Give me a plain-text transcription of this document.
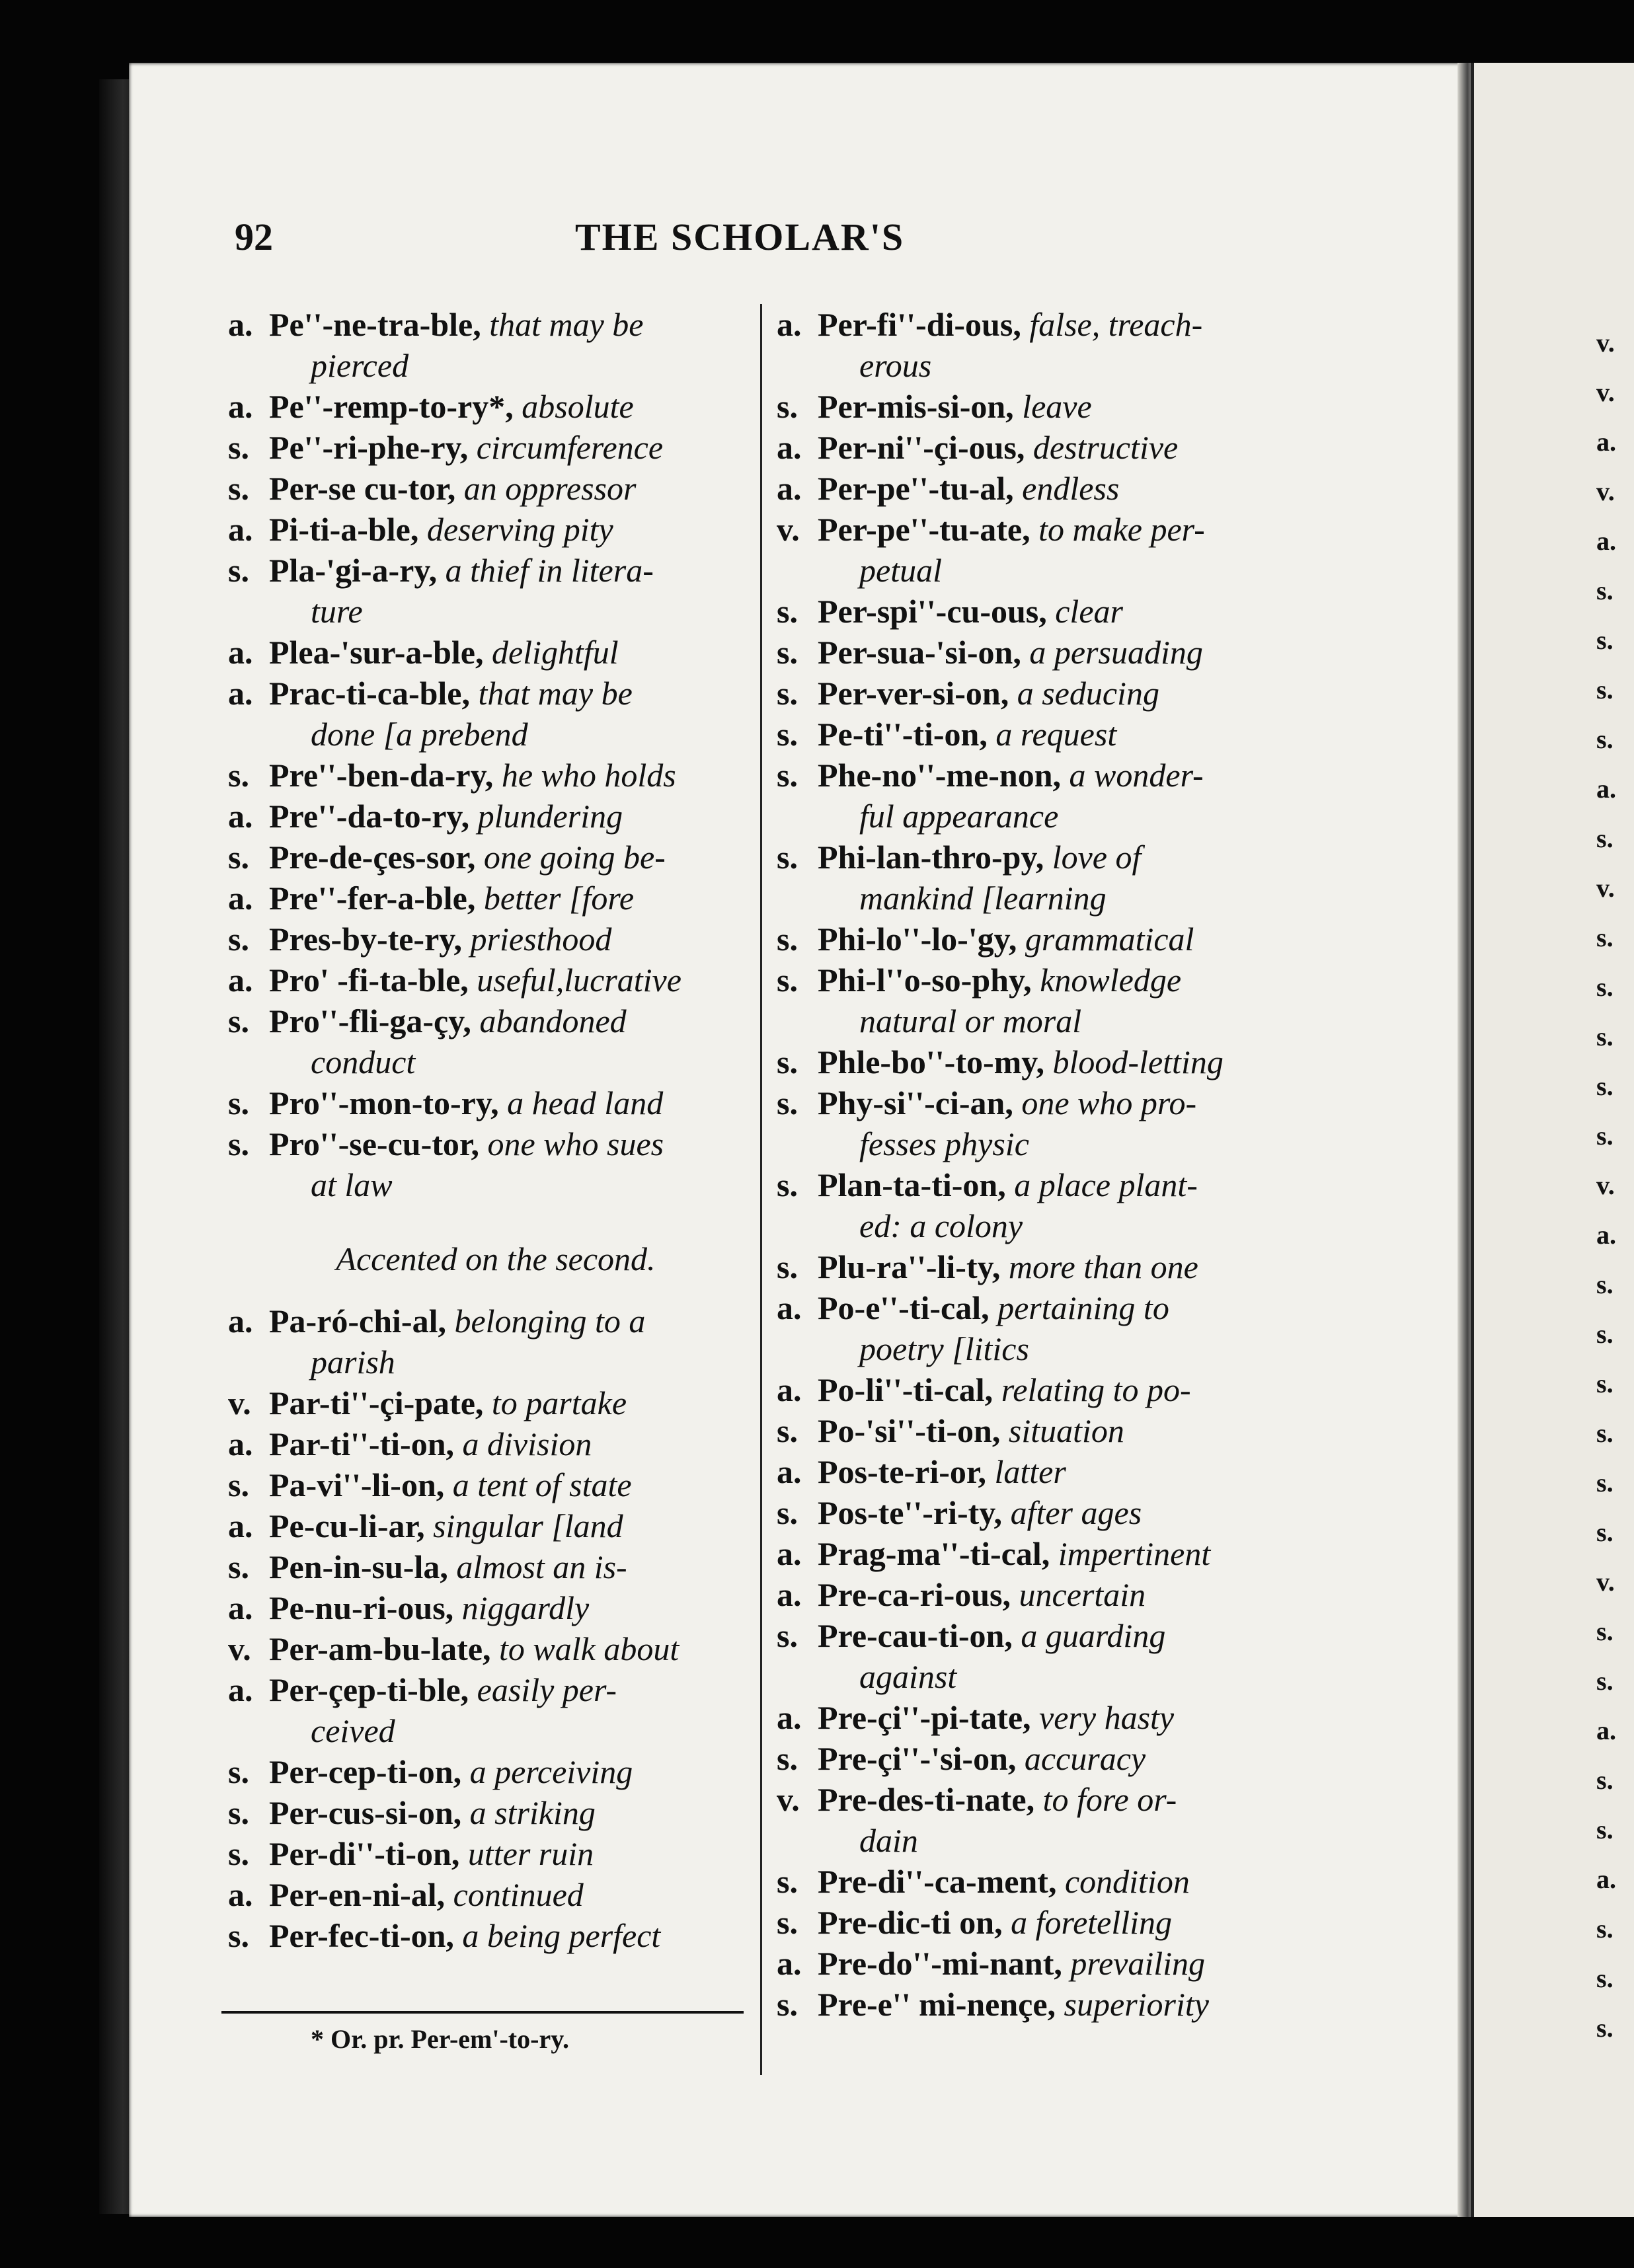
v.
v.
a.
v.
a.
s.
s.
s.
s.
a.
s.
v.
s.
s.
s.
s.
s.
v.
a.
s.
s.
s.
s.
s.
s.
v.
s.
s.
a.
s.
s.
a.
s.
s.
s.
92	THE SCHOLAR'S
a. Pe''-ne-tra-ble, that may be
pierced
a. Pe''-remp-to-ry*, absolute
s. Pe''-ri-phe-ry, circumference
s. Per-se cu-tor, an oppressor
a. Pi-ti-a-ble, deserving pity
s. Pla-'gi-a-ry, a thief in litera-
ture
a. Plea-'sur-a-ble, delightful
a. Prac-ti-ca-ble, that may be
done [a prebend
s. Pre''-ben-da-ry, he who holds
a. Pre''-da-to-ry, plundering
s. Pre-de-çes-sor, one going be-
a. Pre''-fer-a-ble, better [fore
s. Pres-by-te-ry, priesthood
a. Pro' -fi-ta-ble, useful,lucrative
s. Pro''-fli-ga-çy, abandoned
conduct
s. Pro''-mon-to-ry, a head land
s. Pro''-se-cu-tor, one who sues
at law
Accented on the second.
a. Pa-ró-chi-al, belonging to a
parish
v. Par-ti''-çi-pate, to partake
a. Par-ti''-ti-on, a division
s. Pa-vi''-li-on, a tent of state
a. Pe-cu-li-ar, singular [land
s. Pen-in-su-la, almost an is-
a. Pe-nu-ri-ous, niggardly
v. Per-am-bu-late, to walk about
a. Per-çep-ti-ble, easily per-
ceived
s. Per-cep-ti-on, a perceiving
s. Per-cus-si-on, a striking
s. Per-di''-ti-on, utter ruin
a. Per-en-ni-al, continued
s. Per-fec-ti-on, a being perfect
a. Per-fi''-di-ous, false, treach-
erous
s. Per-mis-si-on, leave
a. Per-ni''-çi-ous, destructive
a. Per-pe''-tu-al, endless
v. Per-pe''-tu-ate, to make per-
petual
s. Per-spi''-cu-ous, clear
s. Per-sua-'si-on, a persuading
s. Per-ver-si-on, a seducing
s. Pe-ti''-ti-on, a request
s. Phe-no''-me-non, a wonder-
ful appearance
s. Phi-lan-thro-py, love of
mankind [learning
s. Phi-lo''-lo-'gy, grammatical
s. Phi-l''o-so-phy, knowledge
natural or moral
s. Phle-bo''-to-my, blood-letting
s. Phy-si''-ci-an, one who pro-
fesses physic
s. Plan-ta-ti-on, a place plant-
ed: a colony
s. Plu-ra''-li-ty, more than one
a. Po-e''-ti-cal, pertaining to
poetry [litics
a. Po-li''-ti-cal, relating to po-
s. Po-'si''-ti-on, situation
a. Pos-te-ri-or, latter
s. Pos-te''-ri-ty, after ages
a. Prag-ma''-ti-cal, impertinent
a. Pre-ca-ri-ous, uncertain
s. Pre-cau-ti-on, a guarding
against
a. Pre-çi''-pi-tate, very hasty
s. Pre-çi''-'si-on, accuracy
v. Pre-des-ti-nate, to fore or-
dain
s. Pre-di''-ca-ment, condition
s. Pre-dic-ti on, a foretelling
a. Pre-do''-mi-nant, prevailing
s. Pre-e'' mi-nençe, superiority
* Or. pr. Per-em'-to-ry.
